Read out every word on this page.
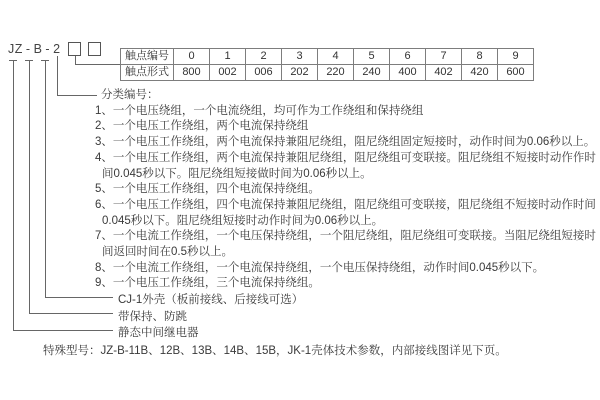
JZ - B - 2	触点编号	0	1	2	3	4	5	6	7	8	9
触点形式	800	002	006	202	220	240	400	402	420	600
分类编号：
1、一个电压绕组，一个电流绕组，均可作为工作绕组和保持绕组
2、一个电压工作绕组，两个电流保持绕组
3、一个电压工作绕组，两个电流保持兼阻尼绕组，阻尼绕组固定短接时，动作时间为0.06秒以上。
4、一个电压工作绕组，两个电流保持兼阻尼绕组，阻尼绕组可变联接。阻尼绕组不短接时动作作时
间0.045秒以下。阻尼绕组短接做时间为0.06秒以上。
5、一个电压工作绕组，四个电流保持绕组。
6、一个电压工作绕组，四个电流保持兼阻尼绕组，阻尼绕组可变联接，阻尼绕组不短接时动作时间
0.045秒以下。阻尼绕组短接时动作时间为0.06秒以上。
7、一个电流工作绕组，一个电压保持绕组，一个阻尼绕组，阻尼绕组可变联接。当阻尼绕组短接时
间返回时间在0.5秒以上。
8、一个电流工作绕组，一个电流保持绕组，一个电压保持绕组，动作时间0.045秒以下。
9、一个电压工作绕组，三个电流保持绕组。
CJ-1外壳（板前接线、后接线可选）
带保持、防跳
静态中间继电器
特殊型号：JZ-B-11B、12B、13B、14B、15B，JK-1壳体技术参数，内部接线图详见下页。
